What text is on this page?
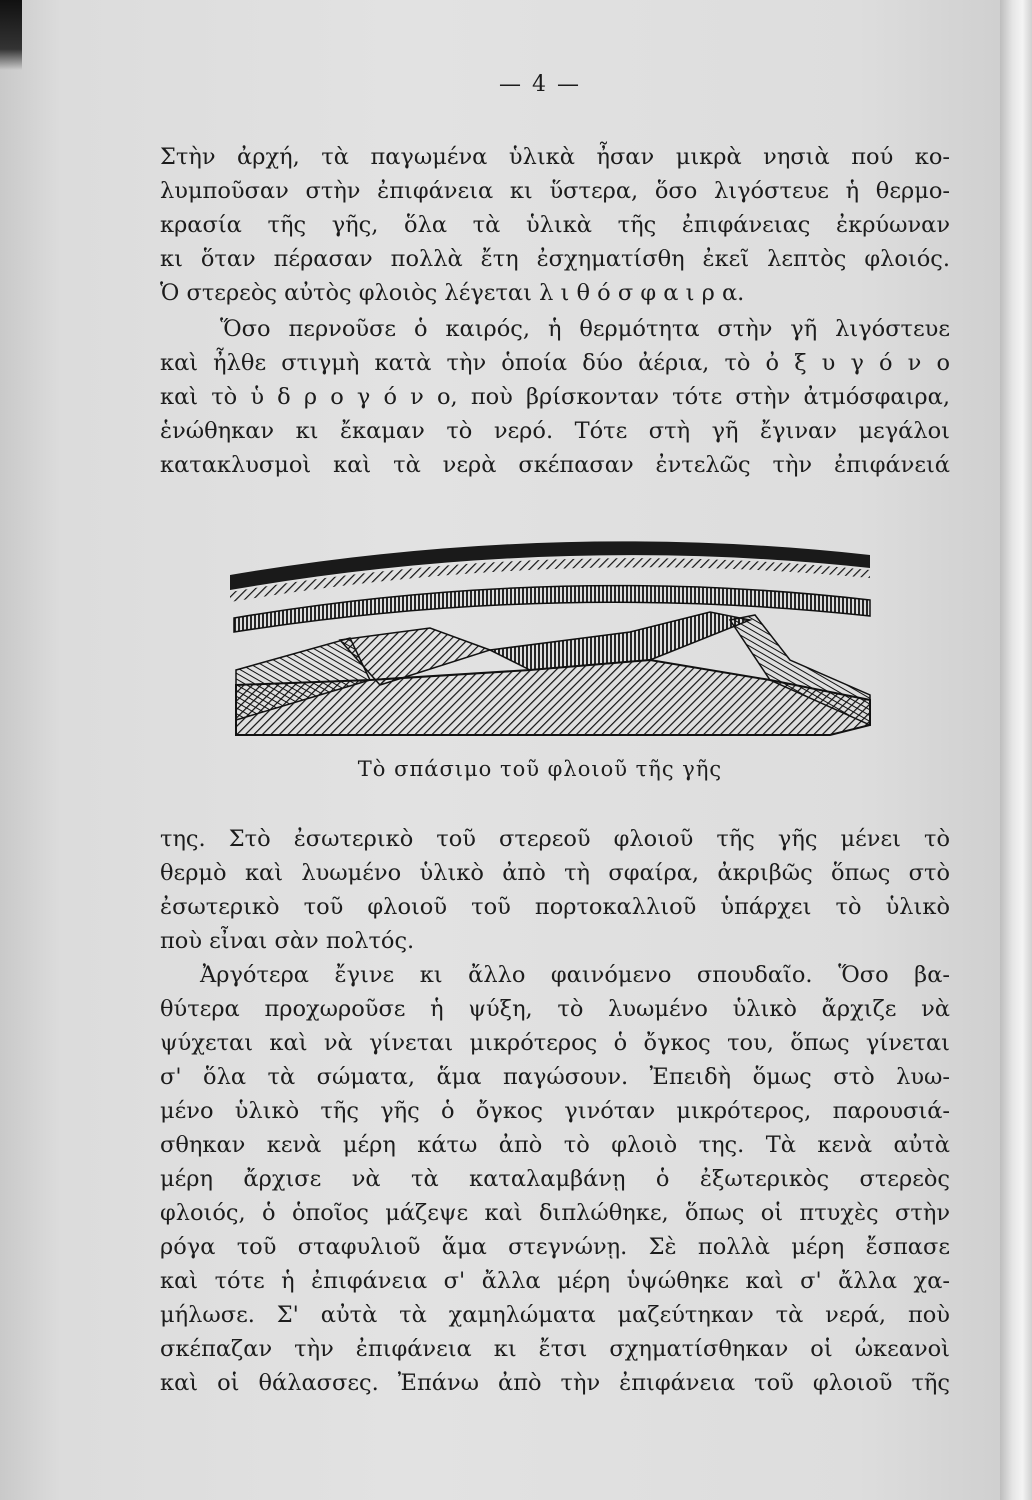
— 4 —

Στὴν ἀρχή, τὰ παγωμένα ὑλικὰ ἦσαν μικρὰ νησιὰ πού κο-
λυμποῦσαν στὴν ἐπιφάνεια κι ὕστερα, ὅσο λιγόστευε ἡ θερμο-
κρασία τῆς γῆς, ὅλα τὰ ὑλικὰ τῆς ἐπιφάνειας ἐκρύωναν
κι ὅταν πέρασαν πολλὰ ἔτη ἐσχηματίσθη ἐκεῖ λεπτὸς φλοιός.
Ὁ στερεὸς αὐτὸς φλοιὸς λέγεται λ ι θ ό σ φ α ι ρ α.

Ὅσο περνοῦσε ὁ καιρός, ἡ θερμότητα στὴν γῆ λιγόστευε
καὶ ἦλθε στιγμὴ κατὰ τὴν ὁποία δύο ἀέρια, τὸ ὀ ξ υ γ ό ν ο
καὶ τὸ ὑ δ ρ ο γ ό ν ο, ποὺ βρίσκονταν τότε στὴν ἀτμόσφαιρα,
ἑνώθηκαν κι ἔκαμαν τὸ νερό. Τότε στὴ γῆ ἔγιναν μεγάλοι
κατακλυσμοὶ καὶ τὰ νερὰ σκέπασαν ἐντελῶς τὴν ἐπιφάνειά

Τὸ σπάσιμο τοῦ φλοιοῦ τῆς γῆς

της. Στὸ ἐσωτερικὸ τοῦ στερεοῦ φλοιοῦ τῆς γῆς μένει τὸ
θερμὸ καὶ λυωμένο ὑλικὸ ἀπὸ τὴ σφαίρα, ἀκριβῶς ὅπως στὸ
ἐσωτερικὸ τοῦ φλοιοῦ τοῦ πορτοκαλλιοῦ ὑπάρχει τὸ ὑλικὸ
ποὺ εἶναι σὰν πολτός.

Ἀργότερα ἔγινε κι ἄλλο φαινόμενο σπουδαῖο. Ὅσο βα-
θύτερα προχωροῦσε ἡ ψύξη, τὸ λυωμένο ὑλικὸ ἄρχιζε νὰ
ψύχεται καὶ νὰ γίνεται μικρότερος ὁ ὄγκος του, ὅπως γίνεται
σ' ὅλα τὰ σώματα, ἅμα παγώσουν. Ἐπειδὴ ὅμως στὸ λυω-
μένο ὑλικὸ τῆς γῆς ὁ ὄγκος γινόταν μικρότερος, παρουσιά-
σθηκαν κενὰ μέρη κάτω ἀπὸ τὸ φλοιὸ της. Τὰ κενὰ αὐτὰ
μέρη ἄρχισε νὰ τὰ καταλαμβάνῃ ὁ ἐξωτερικὸς στερεὸς
φλοιός, ὁ ὁποῖος μάζεψε καὶ διπλώθηκε, ὅπως οἱ πτυχὲς στὴν
ρόγα τοῦ σταφυλιοῦ ἅμα στεγνώνῃ. Σὲ πολλὰ μέρη ἔσπασε
καὶ τότε ἡ ἐπιφάνεια σ' ἄλλα μέρη ὑψώθηκε καὶ σ' ἄλλα χα-
μήλωσε. Σ' αὐτὰ τὰ χαμηλώματα μαζεύτηκαν τὰ νερά, ποὺ
σκέπαζαν τὴν ἐπιφάνεια κι ἔτσι σχηματίσθηκαν οἱ ὠκεανοὶ
καὶ οἱ θάλασσες. Ἐπάνω ἀπὸ τὴν ἐπιφάνεια τοῦ φλοιοῦ τῆς
